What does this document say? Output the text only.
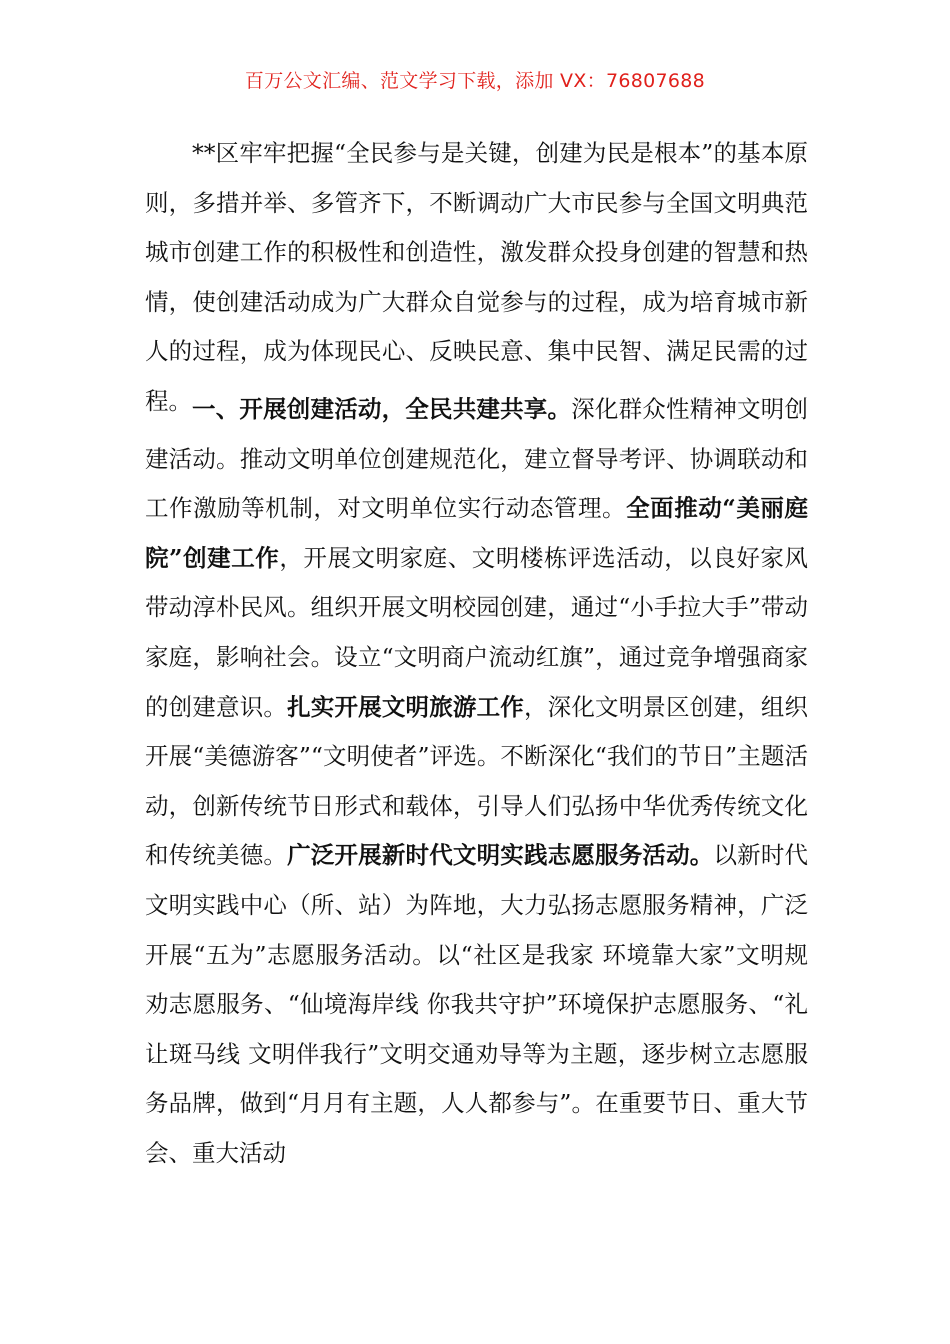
百万公文汇编、范文学习下载，添加 VX：76807688

**区牢牢把握“全民参与是关键，创建为民是根本”的基本原则，多措并举、多管齐下，不断调动广大市民参与全国文明典范城市创建工作的积极性和创造性，激发群众投身创建的智慧和热情，使创建活动成为广大群众自觉参与的过程，成为培育城市新人的过程，成为体现民心、反映民意、集中民智、满足民需的过程。 一、开展创建活动，全民共建共享。深化群众性精神文明创建活动。推动文明单位创建规范化，建立督导考评、协调联动和工作激励等机制，对文明单位实行动态管理。全面推动“美丽庭院”创建工作，开展文明家庭、文明楼栋评选活动，以良好家风带动淳朴民风。组织开展文明校园创建，通过“小手拉大手”带动家庭，影响社会。设立“文明商户流动红旗”，通过竞争增强商家的创建意识。扎实开展文明旅游工作，深化文明景区创建，组织开展“美德游客”“文明使者”评选。不断深化“我们的节日”主题活动，创新传统节日形式和载体，引导人们弘扬中华优秀传统文化和传统美德。广泛开展新时代文明实践志愿服务活动。以新时代文明实践中心（所、站）为阵地，大力弘扬志愿服务精神，广泛开展“五为”志愿服务活动。以“社区是我家 环境靠大家”文明规劝志愿服务、“仙境海岸线 你我共守护”环境保护志愿服务、“礼让斑马线 文明伴我行”文明交通劝导等为主题，逐步树立志愿服务品牌，做到“月月有主题，人人都参与”。在重要节日、重大节会、重大活动
